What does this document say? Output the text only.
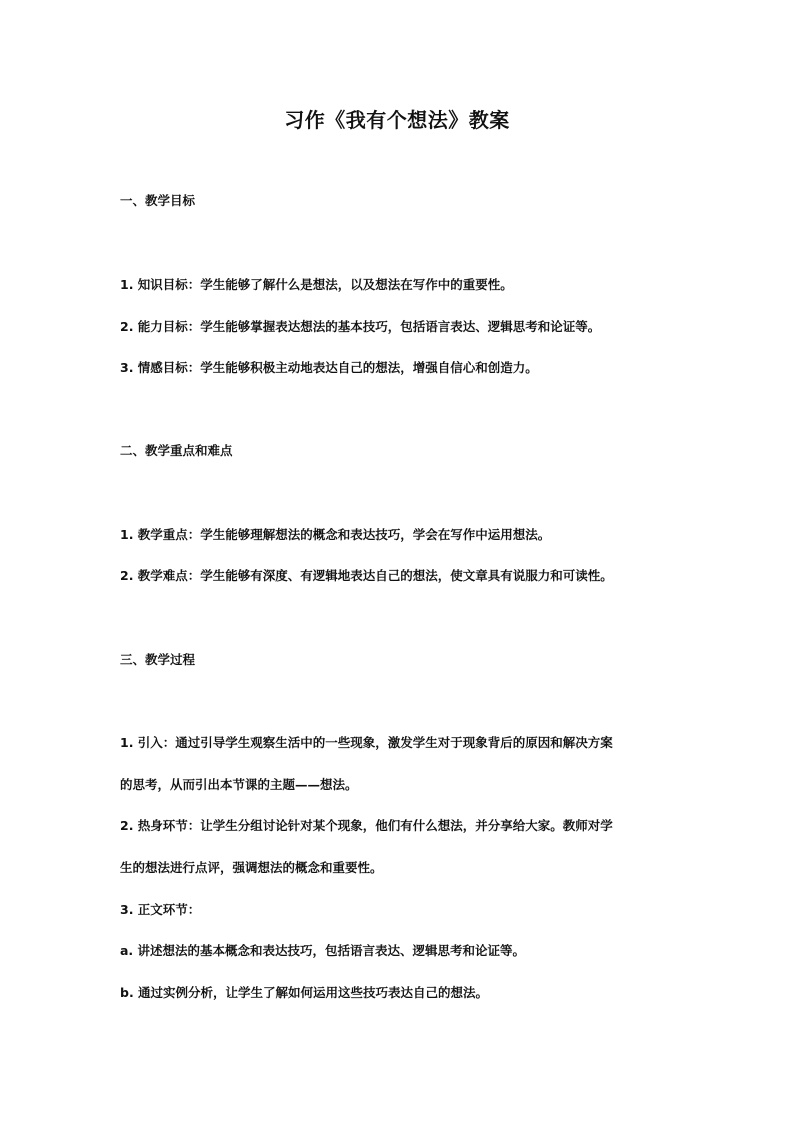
习作《我有个想法》教案
一、教学目标
1. 知识目标：学生能够了解什么是想法，以及想法在写作中的重要性。
2. 能力目标：学生能够掌握表达想法的基本技巧，包括语言表达、逻辑思考和论证等。
3. 情感目标：学生能够积极主动地表达自己的想法，增强自信心和创造力。
二、教学重点和难点
1. 教学重点：学生能够理解想法的概念和表达技巧，学会在写作中运用想法。
2. 教学难点：学生能够有深度、有逻辑地表达自己的想法，使文章具有说服力和可读性。
三、教学过程
1. 引入：通过引导学生观察生活中的一些现象，激发学生对于现象背后的原因和解决方案
的思考，从而引出本节课的主题——想法。
2. 热身环节：让学生分组讨论针对某个现象，他们有什么想法，并分享给大家。教师对学
生的想法进行点评，强调想法的概念和重要性。
3. 正文环节：
a. 讲述想法的基本概念和表达技巧，包括语言表达、逻辑思考和论证等。
b. 通过实例分析，让学生了解如何运用这些技巧表达自己的想法。
